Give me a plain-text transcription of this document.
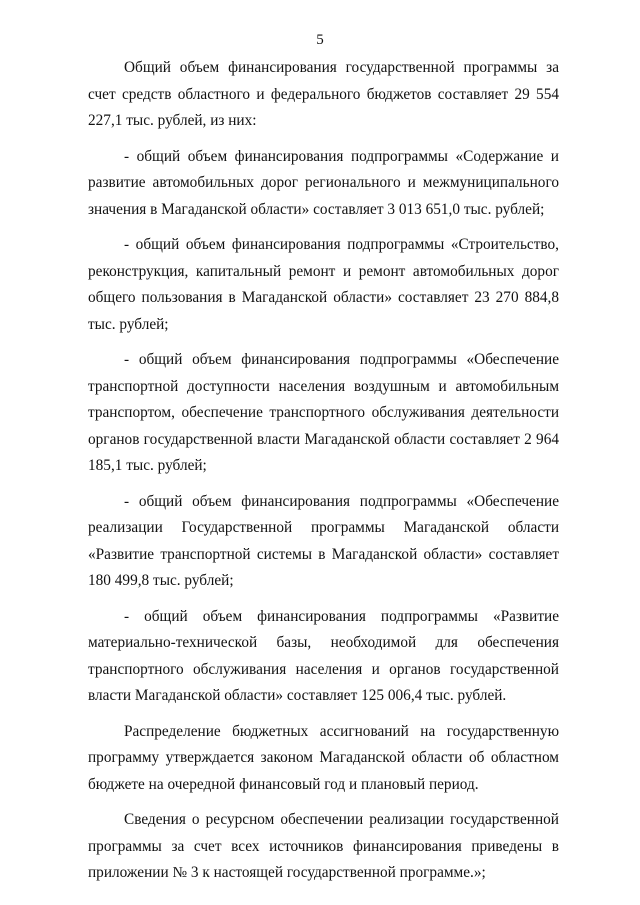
5

Общий объем финансирования государственной программы за счет средств областного и федерального бюджетов составляет 29 554 227,1 тыс. рублей, из них:

- общий объем финансирования подпрограммы «Содержание и развитие автомобильных дорог регионального и межмуниципального значения в Магаданской области» составляет 3 013 651,0 тыс. рублей;

- общий объем финансирования подпрограммы «Строительство, реконструкция, капитальный ремонт и ремонт автомобильных дорог общего пользования в Магаданской области» составляет 23 270 884,8 тыс. рублей;

- общий объем финансирования подпрограммы «Обеспечение транспортной доступности населения воздушным и автомобильным транспортом, обеспечение транспортного обслуживания деятельности органов государственной власти Магаданской области составляет 2 964 185,1 тыс. рублей;

- общий объем финансирования подпрограммы «Обеспечение реализации Государственной программы Магаданской области «Развитие транспортной системы в Магаданской области» составляет 180 499,8 тыс. рублей;

- общий объем финансирования подпрограммы «Развитие материально-технической базы, необходимой для обеспечения транспортного обслуживания населения и органов государственной власти Магаданской области» составляет 125 006,4 тыс. рублей.

Распределение бюджетных ассигнований на государственную программу утверждается законом Магаданской области об областном бюджете на очередной финансовый год и плановый период.

Сведения о ресурсном обеспечении реализации государственной программы за счет всех источников финансирования приведены в приложении № 3 к настоящей государственной программе.»;
